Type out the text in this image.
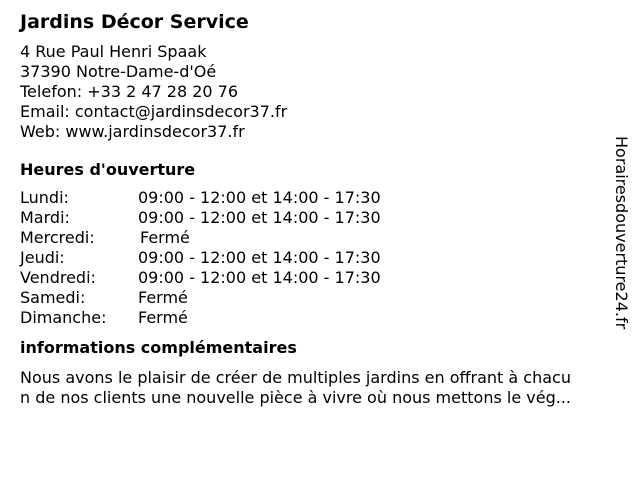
Jardins Décor Service
4 Rue Paul Henri Spaak
37390 Notre-Dame-d'Oé
Telefon: +33 2 47 28 20 76
Email: contact@jardinsdecor37.fr
Web: www.jardinsdecor37.fr
Heures d'ouverture
Lundi:	09:00 - 12:00 et 14:00 - 17:30
Mardi:	09:00 - 12:00 et 14:00 - 17:30
Mercredi:	Fermé
Jeudi:	09:00 - 12:00 et 14:00 - 17:30
Vendredi:	09:00 - 12:00 et 14:00 - 17:30
Samedi:	Fermé
Dimanche: Fermé
informations complémentaires
Nous avons le plaisir de créer de multiples jardins en offrant à chacu
n de nos clients une nouvelle pièce à vivre où nous mettons le vég...
Horairesdouverture24.fr
